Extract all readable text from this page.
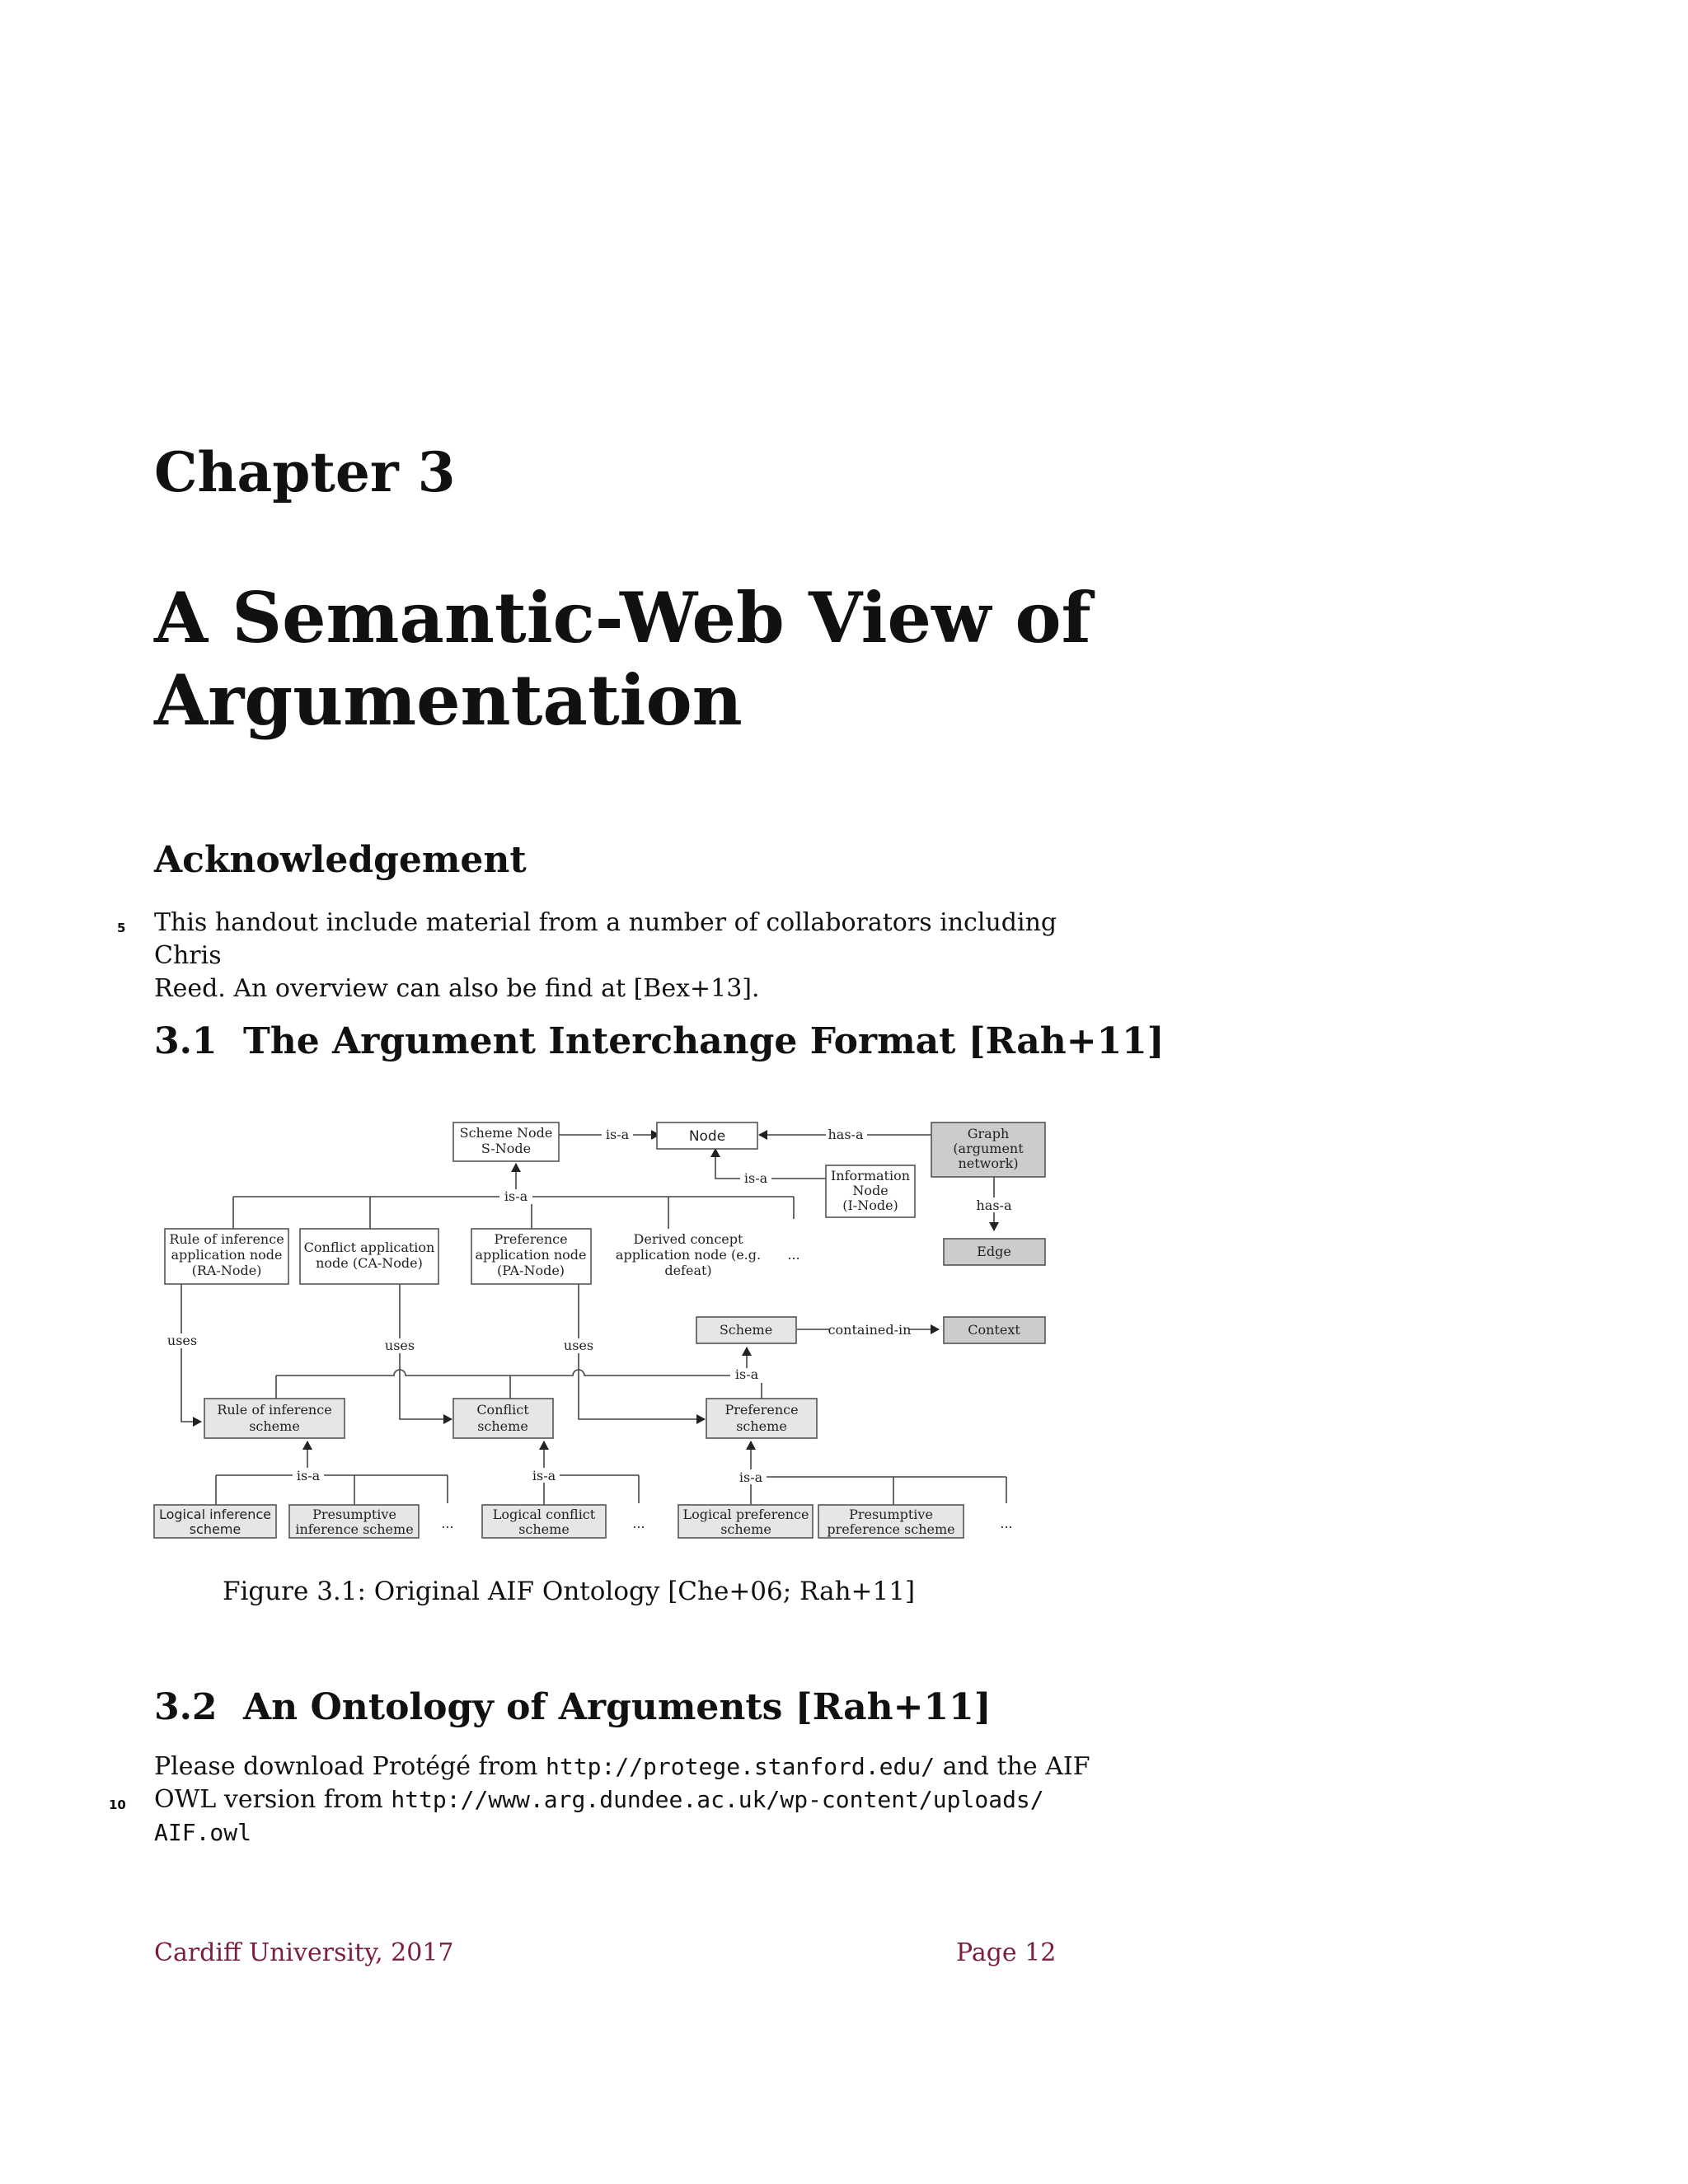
Chapter 3
A Semantic-Web View of
Argumentation
Acknowledgement
5 This handout include material from a number of collaborators including Chris
Reed. An overview can also be find at [Bex+13].
3.1 The Argument Interchange Format [Rah+11]
Scheme Node
S-Node
Node	Graph
(argument
network)
Information
Node
(I-Node)
Rule of inference
application node
(RA-Node)
Conflict application
node (CA-Node)
Preference
application node
(PA-Node)
Derived concept
application node (e.g.
defeat)
Edge
Scheme	Context
Rule of inference
scheme
Conflict
scheme
Preference
scheme
Logical inference
scheme
Presumptive
inference scheme
Logical conflict
scheme
Logical preference
scheme
Presumptive
preference scheme
is-a	has-a
is-a
has-a
is-a
...
contained-in
is-a
uses	uses	uses
is-a	is-a	is-a
...	...	...
Figure 3.1: Original AIF Ontology [Che+06; Rah+11]
3.2 An Ontology of Arguments [Rah+11]
10
Please download Protégé from http://protege.stanford.edu/ and the AIF
OWL version from http://www.arg.dundee.ac.uk/wp-content/uploads/
AIF.owl
Cardiff University, 2017	Page 12
